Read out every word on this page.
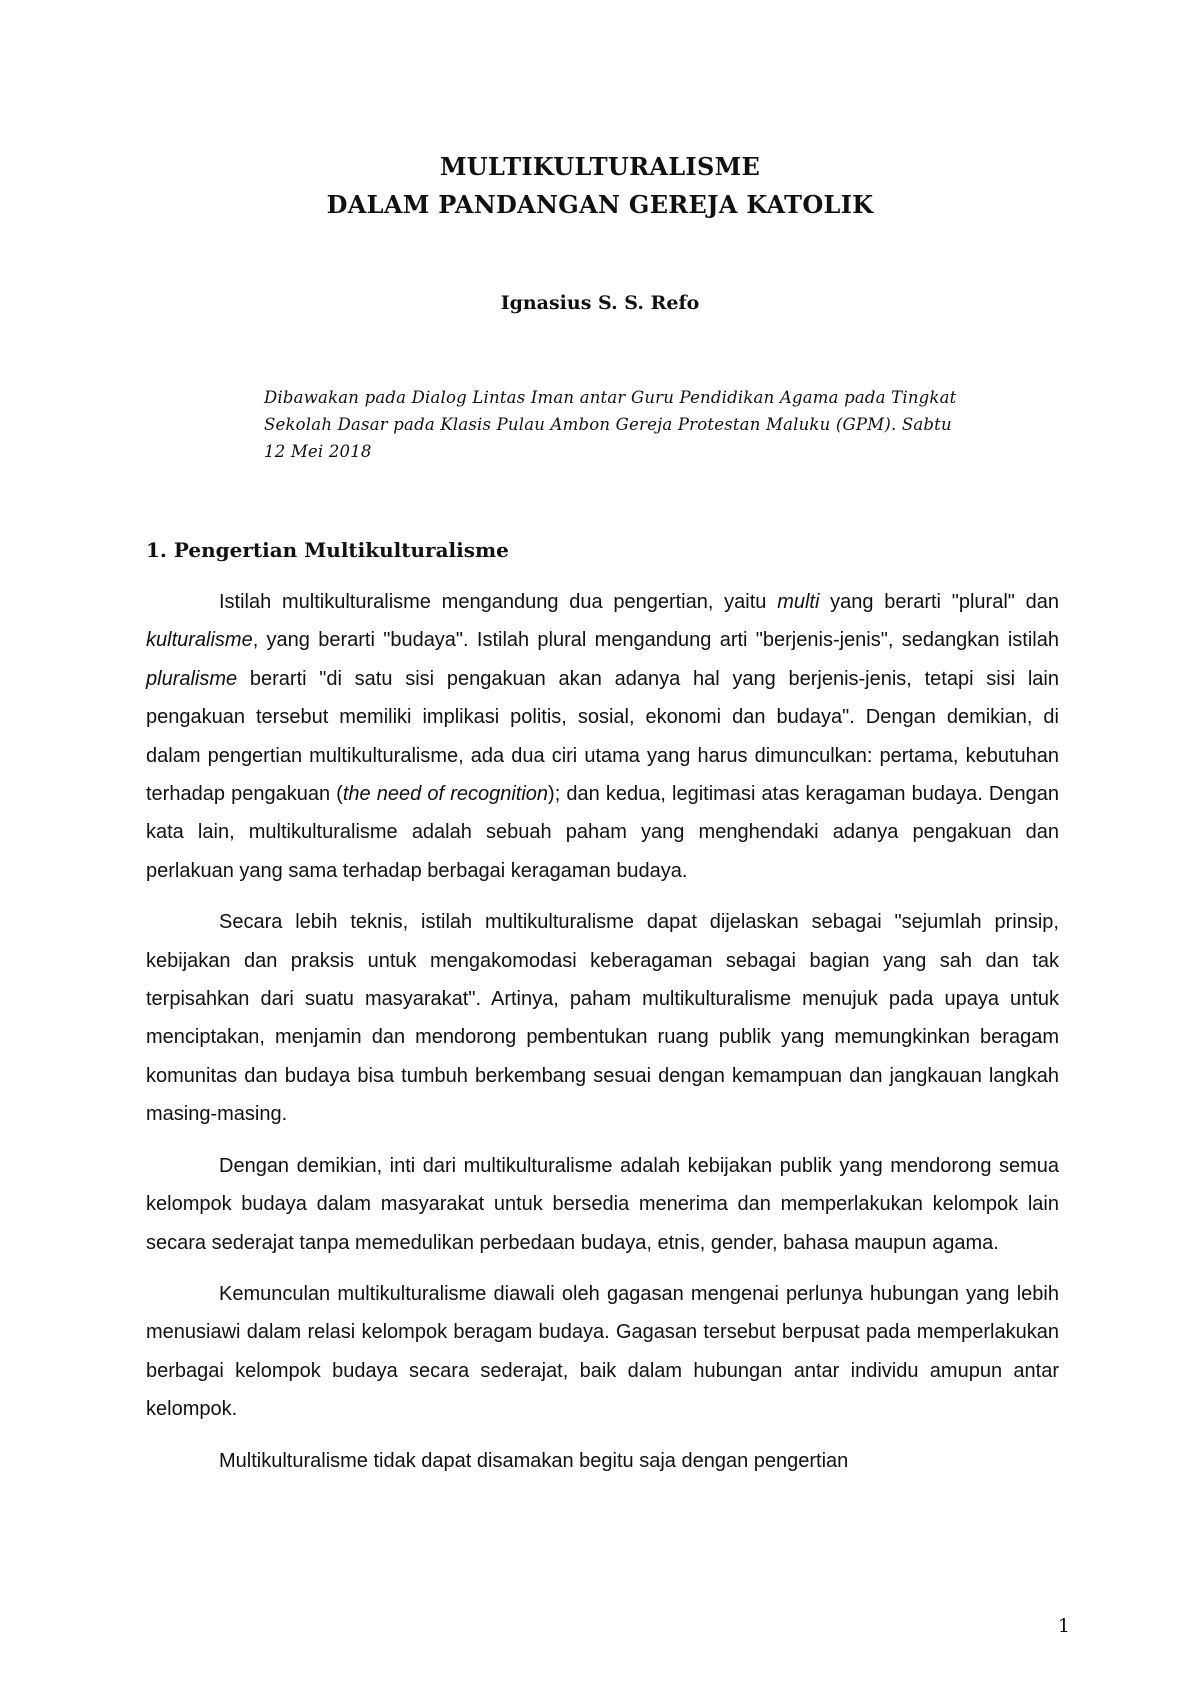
MULTIKULTURALISME
DALAM PANDANGAN GEREJA KATOLIK
Ignasius S. S. Refo
Dibawakan pada Dialog Lintas Iman antar Guru Pendidikan Agama pada Tingkat Sekolah Dasar pada Klasis Pulau Ambon Gereja Protestan Maluku (GPM). Sabtu 12 Mei 2018
1. Pengertian Multikulturalisme

Istilah multikulturalisme mengandung dua pengertian, yaitu multi yang berarti "plural" dan kulturalisme, yang berarti "budaya". Istilah plural mengandung arti "berjenis-jenis", sedangkan istilah pluralisme berarti "di satu sisi pengakuan akan adanya hal yang berjenis-jenis, tetapi sisi lain pengakuan tersebut memiliki implikasi politis, sosial, ekonomi dan budaya". Dengan demikian, di dalam pengertian multikulturalisme, ada dua ciri utama yang harus dimunculkan: pertama, kebutuhan terhadap pengakuan (the need of recognition); dan kedua, legitimasi atas keragaman budaya. Dengan kata lain, multikulturalisme adalah sebuah paham yang menghendaki adanya pengakuan dan perlakuan yang sama terhadap berbagai keragaman budaya.

Secara lebih teknis, istilah multikulturalisme dapat dijelaskan sebagai "sejumlah prinsip, kebijakan dan praksis untuk mengakomodasi keberagaman sebagai bagian yang sah dan tak terpisahkan dari suatu masyarakat". Artinya, paham multikulturalisme menujuk pada upaya untuk menciptakan, menjamin dan mendorong pembentukan ruang publik yang memungkinkan beragam komunitas dan budaya bisa tumbuh berkembang sesuai dengan kemampuan dan jangkauan langkah masing-masing.

Dengan demikian, inti dari multikulturalisme adalah kebijakan publik yang mendorong semua kelompok budaya dalam masyarakat untuk bersedia menerima dan memperlakukan kelompok lain secara sederajat tanpa memedulikan perbedaan budaya, etnis, gender, bahasa maupun agama.

Kemunculan multikulturalisme diawali oleh gagasan mengenai perlunya hubungan yang lebih menusiawi dalam relasi kelompok beragam budaya. Gagasan tersebut berpusat pada memperlakukan berbagai kelompok budaya secara sederajat, baik dalam hubungan antar individu amupun antar kelompok.

Multikulturalisme tidak dapat disamakan begitu saja dengan pengertian

1
